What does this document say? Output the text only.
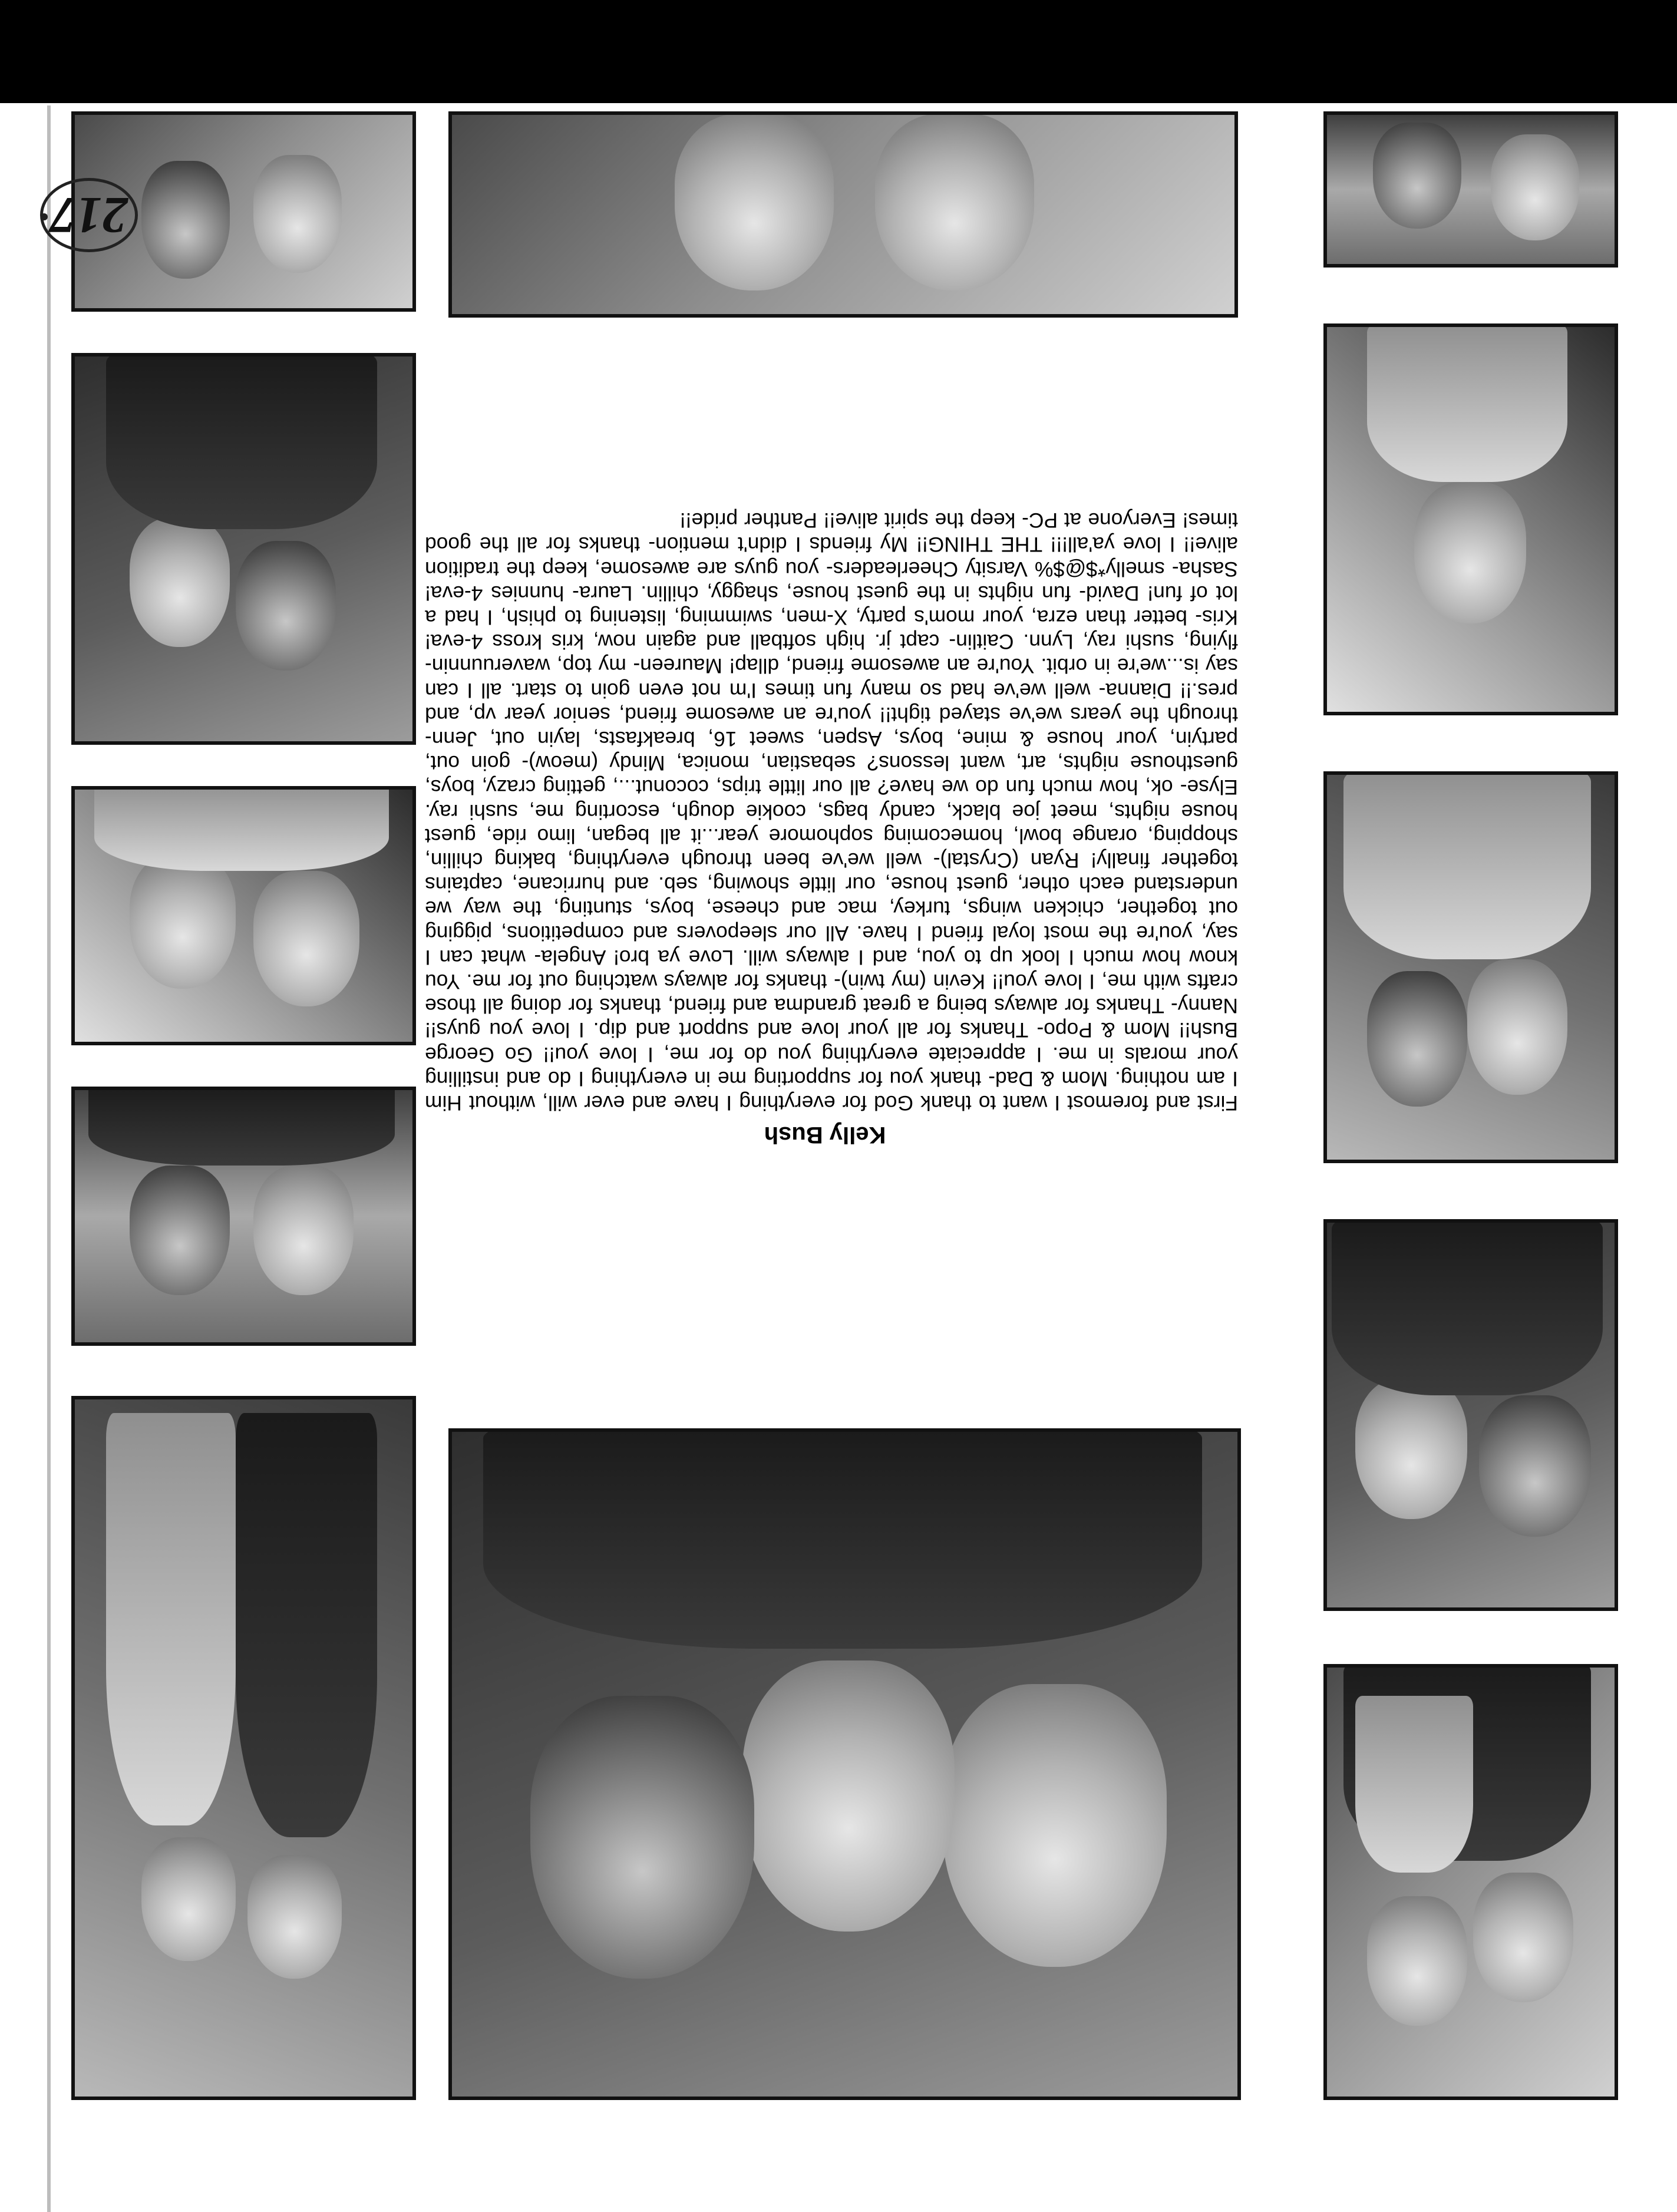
Kelly Bush

First and foremost I want to thank God for everything I have and ever will, without Him I am nothing. Mom & Dad- thank you for supporting me in everything I do and instilling your morals in me. I appreciate everything you do for me, I love you!! Go George Bush!! Mom & Popo- Thanks for all your love and support and dip. I love you guys!! Nanny- Thanks for always being a great grandma and friend, thanks for doing all those crafts with me, I love you!! Kevin (my twin)- thanks for always watching out for me. You know how much I look up to you, and I always will. Love ya bro! Angela- what can I say, you're the most loyal friend I have. All our sleepovers and competitions, pigging out together, chicken wings, turkey, mac and cheese, boys, stunting, the way we understand each other, guest house, our little showing, seb. and hurricane, captains together finally! Ryan (Crystal)- well we've been through everything, baking chillin, shopping, orange bowl, homecoming sophomore year...it all began, limo ride, guest house nights, meet joe black, candy bags, cookie dough, escorting me, sushi ray. Elyse- ok, how much fun do we have? all our little trips, coconut..., getting crazy, boys, guesthouse nights, art, want lessons? sebastian, monica, Mindy (meow)- goin out, partyin, your house & mine, boys, Aspen, sweet 16, breakfasts, layin out, Jenn- through the years we've stayed tight!! you're an awesome friend, senior year vp, and pres.!! Dianna- well we've had so many fun times I'm not even goin to start. all I can say is...we're in orbit. You're an awesome friend, dllap! Maureen- my top, waveruunnin- flying, sushi ray, Lynn. Caitlin- capt jr. high softball and again now, kris kross 4-eva! Kris- better than ezra, your mom's party, X-men, swimming, listening to phish, I had a lot of fun! David- fun nights in the guest house, shaggy, chillin. Laura- hunnies 4-eva! Sasha- smelly*$@$% Varsity Cheerleaders- you guys are awesome, keep the tradition alive!! I love ya'all!!! THE THING!! My friends I didn't mention- thanks for all the good times! Everyone at PC- keep the spirit alive!! Panther pride!!

217
